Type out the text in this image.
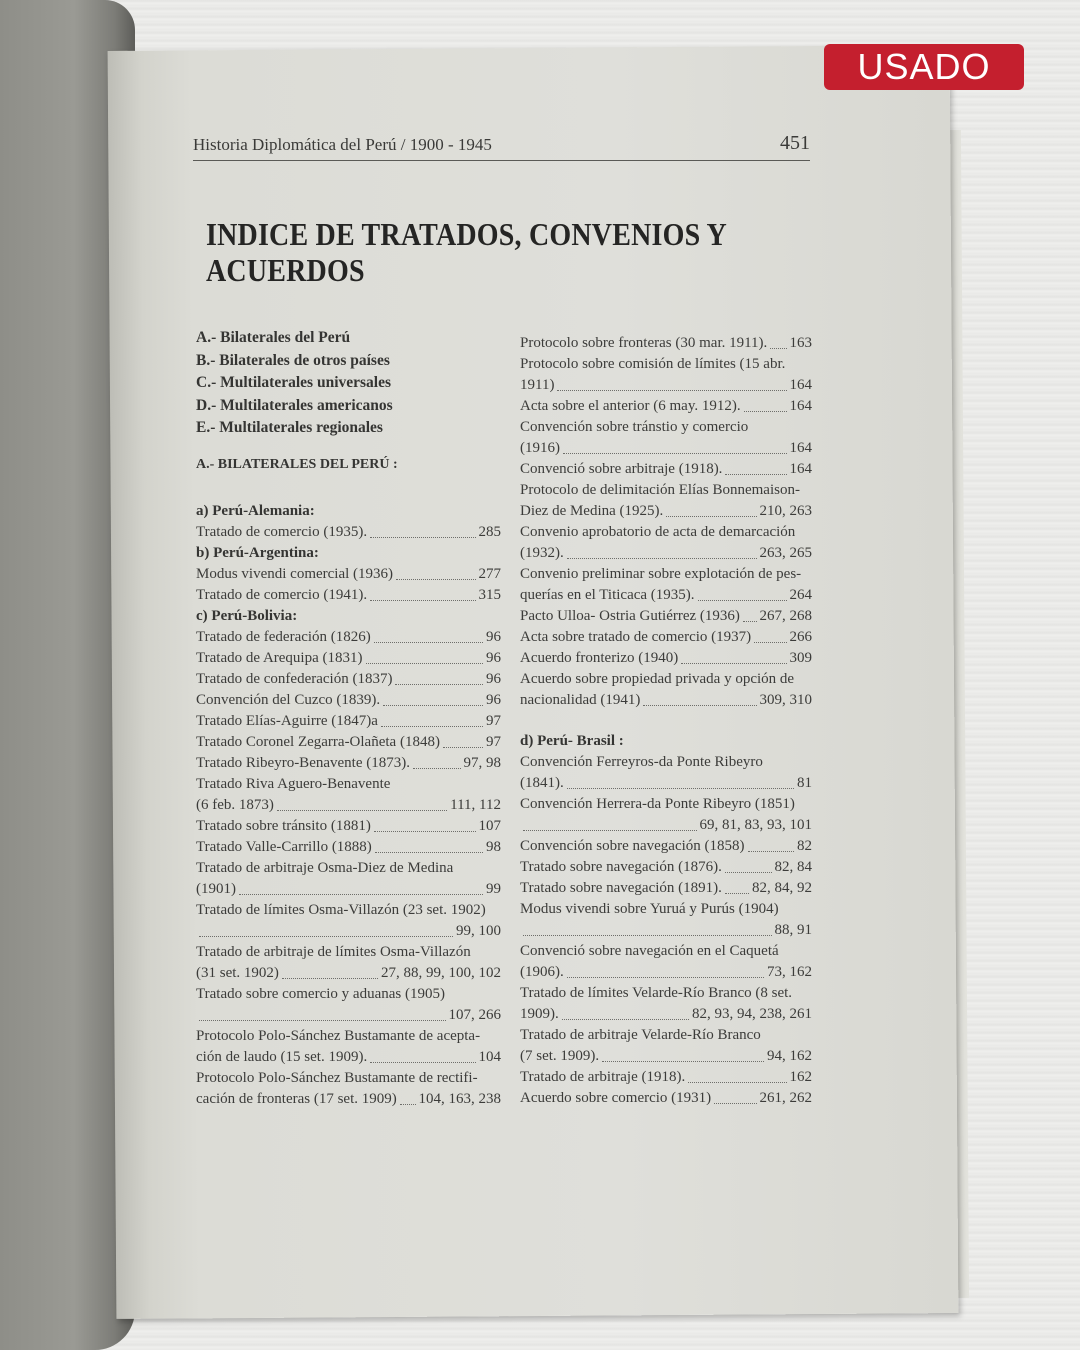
USADO
Historia Diplomática del Perú / 1900 - 1945	451
INDICE DE TRATADOS, CONVENIOS Y ACUERDOS
A.- Bilaterales del Perú
B.- Bilaterales de otros países
C.- Multilaterales universales
D.- Multilaterales americanos
E.- Multilaterales regionales
A.- BILATERALES DEL PERÚ :
a) Perú-Alemania:
Tratado de comercio (1935).	285
b) Perú-Argentina:
Modus vivendi comercial (1936)	277
Tratado de comercio (1941).	315
c) Perú-Bolivia:
Tratado de federación (1826)	96
Tratado de Arequipa (1831)	96
Tratado de confederación (1837)	96
Convención del Cuzco (1839).	96
Tratado Elías-Aguirre (1847)a	97
Tratado Coronel Zegarra-Olañeta (1848)	97
Tratado Ribeyro-Benavente (1873).	97, 98
Tratado Riva Aguero-Benavente
(6 feb. 1873)	111, 112
Tratado sobre tránsito (1881)	107
Tratado Valle-Carrillo (1888)	98
Tratado de arbitraje Osma-Diez de Medina
(1901)	99
Tratado de límites Osma-Villazón (23 set. 1902)
99, 100
Tratado de arbitraje de límites Osma-Villazón
(31 set. 1902)	27, 88, 99, 100, 102
Tratado sobre comercio y aduanas (1905)
107, 266
Protocolo Polo-Sánchez Bustamante de acepta-
ción de laudo (15 set. 1909).	104
Protocolo Polo-Sánchez Bustamante de rectifi-
cación de fronteras (17 set. 1909) 104, 163, 238
Protocolo sobre fronteras (30 mar. 1911). 163
Protocolo sobre comisión de límites (15 abr.
1911)	164
Acta sobre el anterior (6 may. 1912).	164
Convención sobre tránstio y comercio
(1916)	164
Convenció sobre arbitraje (1918).	164
Protocolo de delimitación Elías Bonnemaison-
Diez de Medina (1925).	210, 263
Convenio aprobatorio de acta de demarcación
(1932).	263, 265
Convenio preliminar sobre explotación de pes-
querías en el Titicaca (1935).	264
Pacto Ulloa- Ostria Gutiérrez (1936) 267, 268
Acta sobre tratado de comercio (1937)	266
Acuerdo fronterizo (1940)	309
Acuerdo sobre propiedad privada y opción de
nacionalidad (1941)	309, 310
d) Perú- Brasil :
Convención Ferreyros-da Ponte Ribeyro
(1841).	81
Convención Herrera-da Ponte Ribeyro (1851)
69, 81, 83, 93, 101
Convención sobre navegación (1858)	82
Tratado sobre navegación (1876).	82, 84
Tratado sobre navegación (1891). 82, 84, 92
Modus vivendi sobre Yuruá y Purús (1904)
88, 91
Convenció sobre navegación en el Caquetá
(1906).	73, 162
Tratado de límites Velarde-Río Branco (8 set.
1909).	82, 93, 94, 238, 261
Tratado de arbitraje Velarde-Río Branco
(7 set. 1909).	94, 162
Tratado de arbitraje (1918).	162
Acuerdo sobre comercio (1931)	261, 262
